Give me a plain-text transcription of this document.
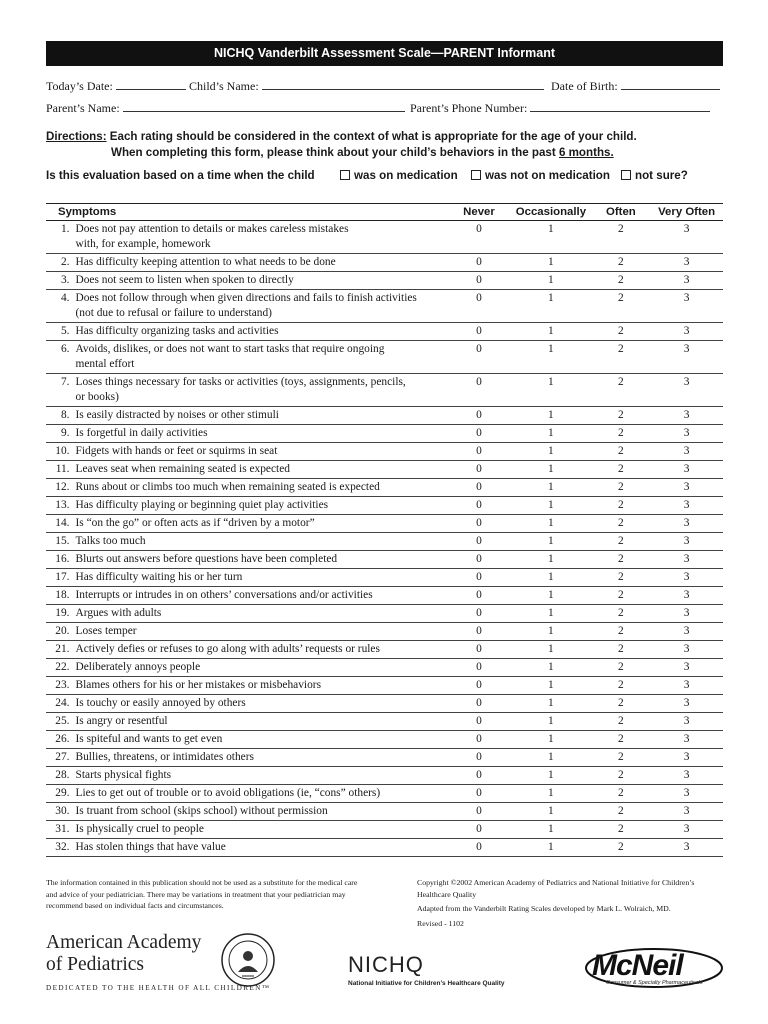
NICHQ Vanderbilt Assessment Scale—PARENT Informant
Today’s Date:	Child’s Name:	Date of Birth:
Parent’s Name:	Parent’s Phone Number:
Directions: Each rating should be considered in the context of what is appropriate for the age of your child.
When completing this form, please think about your child’s behaviors in the past 6 months.
Is this evaluation based on a time when the child	was on medication	was not on medication	not sure?
Symptoms		Never	Occasionally	Often	Very Often
1.	Does not pay attention to details or makes careless mistakes
with, for example, homework	0	1	2	3
2.	Has difficulty keeping attention to what needs to be done	0	1	2	3
3.	Does not seem to listen when spoken to directly	0	1	2	3
4.	Does not follow through when given directions and fails to finish activities
(not due to refusal or failure to understand)	0	1	2	3
5.	Has difficulty organizing tasks and activities	0	1	2	3
6.	Avoids, dislikes, or does not want to start tasks that require ongoing
mental effort	0	1	2	3
7.	Loses things necessary for tasks or activities (toys, assignments, pencils,
or books)	0	1	2	3
8.	Is easily distracted by noises or other stimuli	0	1	2	3
9.	Is forgetful in daily activities	0	1	2	3
10.	Fidgets with hands or feet or squirms in seat	0	1	2	3
11.	Leaves seat when remaining seated is expected	0	1	2	3
12.	Runs about or climbs too much when remaining seated is expected	0	1	2	3
13.	Has difficulty playing or beginning quiet play activities	0	1	2	3
14.	Is “on the go” or often acts as if “driven by a motor”	0	1	2	3
15.	Talks too much	0	1	2	3
16.	Blurts out answers before questions have been completed	0	1	2	3
17.	Has difficulty waiting his or her turn	0	1	2	3
18.	Interrupts or intrudes in on others’ conversations and/or activities	0	1	2	3
19.	Argues with adults	0	1	2	3
20.	Loses temper	0	1	2	3
21.	Actively defies or refuses to go along with adults’ requests or rules	0	1	2	3
22.	Deliberately annoys people	0	1	2	3
23.	Blames others for his or her mistakes or misbehaviors	0	1	2	3
24.	Is touchy or easily annoyed by others	0	1	2	3
25.	Is angry or resentful	0	1	2	3
26.	Is spiteful and wants to get even	0	1	2	3
27.	Bullies, threatens, or intimidates others	0	1	2	3
28.	Starts physical fights	0	1	2	3
29.	Lies to get out of trouble or to avoid obligations (ie, “cons” others)	0	1	2	3
30.	Is truant from school (skips school) without permission	0	1	2	3
31.	Is physically cruel to people	0	1	2	3
32.	Has stolen things that have value	0	1	2	3
The information contained in this publication should not be used as a substitute for the medical care and advice of your pediatrician. There may be variations in treatment that your pediatrician may recommend based on individual facts and circumstances.
Copyright ©2002 American Academy of Pediatrics and National Initiative for Children’s Healthcare Quality
Adapted from the Vanderbilt Rating Scales developed by Mark L. Wolraich, MD.
Revised - 1102
American Academy
of Pediatrics
DEDICATED TO THE HEALTH OF ALL CHILDREN™
NICHQ
National Initiative for Children’s Healthcare Quality
McNeil
Consumer & Specialty Pharmaceuticals
